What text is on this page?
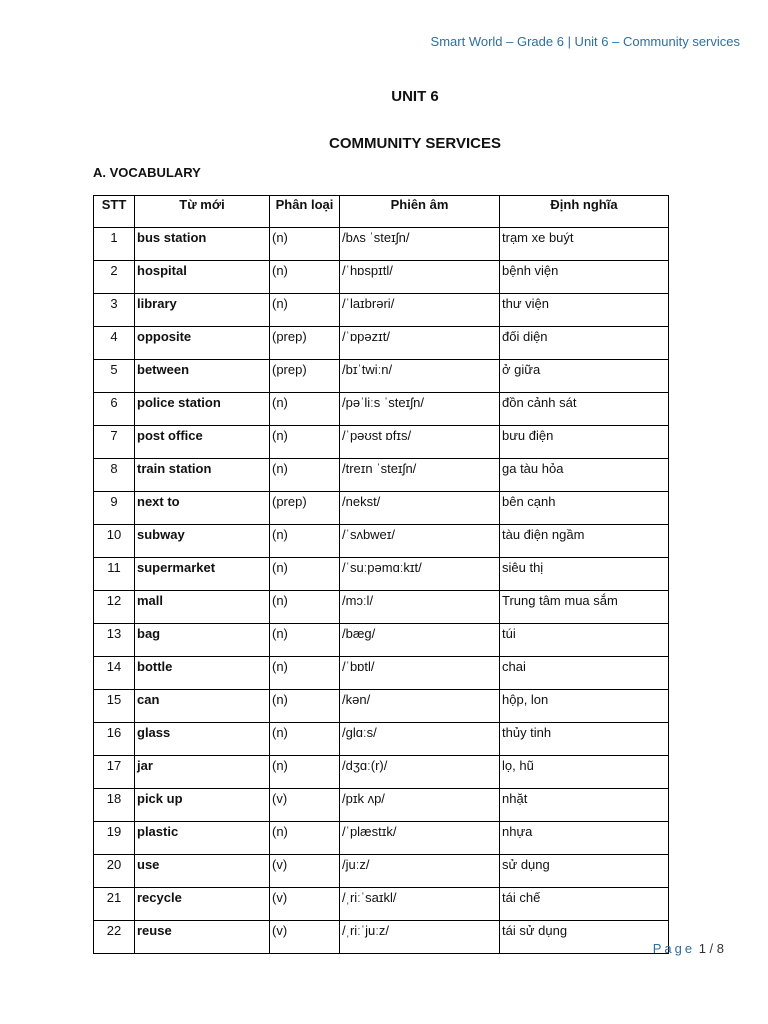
Smart World – Grade 6 | Unit 6 – Community services
UNIT 6
COMMUNITY SERVICES
A. VOCABULARY
STT	Từ mới	Phân loại	Phiên âm	Định nghĩa
1	bus station	(n)	/bʌs ˈsteɪʃn/	trạm xe buýt
2	hospital	(n)	/ˈhɒspɪtl/	bệnh viện
3	library	(n)	/ˈlaɪbrəri/	thư viện
4	opposite	(prep)	/ˈɒpəzɪt/	đối diện
5	between	(prep)	/bɪˈtwiːn/	ở giữa
6	police station	(n)	/pəˈliːs ˈsteɪʃn/	đồn cảnh sát
7	post office	(n)	/ˈpəʊst ɒfɪs/	bưu điện
8	train station	(n)	/treɪn ˈsteɪʃn/	ga tàu hỏa
9	next to	(prep)	/nekst/	bên cạnh
10	subway	(n)	/ˈsʌbweɪ/	tàu điện ngầm
11	supermarket	(n)	/ˈsuːpəmɑːkɪt/	siêu thị
12	mall	(n)	/mɔːl/	Trung tâm mua sắm
13	bag	(n)	/bæg/	túi
14	bottle	(n)	/ˈbɒtl/	chai
15	can	(n)	/kən/	hộp, lon
16	glass	(n)	/glɑːs/	thủy tinh
17	jar	(n)	/dʒɑː(r)/	lọ, hũ
18	pick up	(v)	/pɪk ʌp/	nhặt
19	plastic	(n)	/ˈplæstɪk/	nhựa
20	use	(v)	/juːz/	sử dụng
21	recycle	(v)	/ˌriːˈsaɪkl/	tái chế
22	reuse	(v)	/ˌriːˈjuːz/	tái sử dụng
Page 1 / 8
